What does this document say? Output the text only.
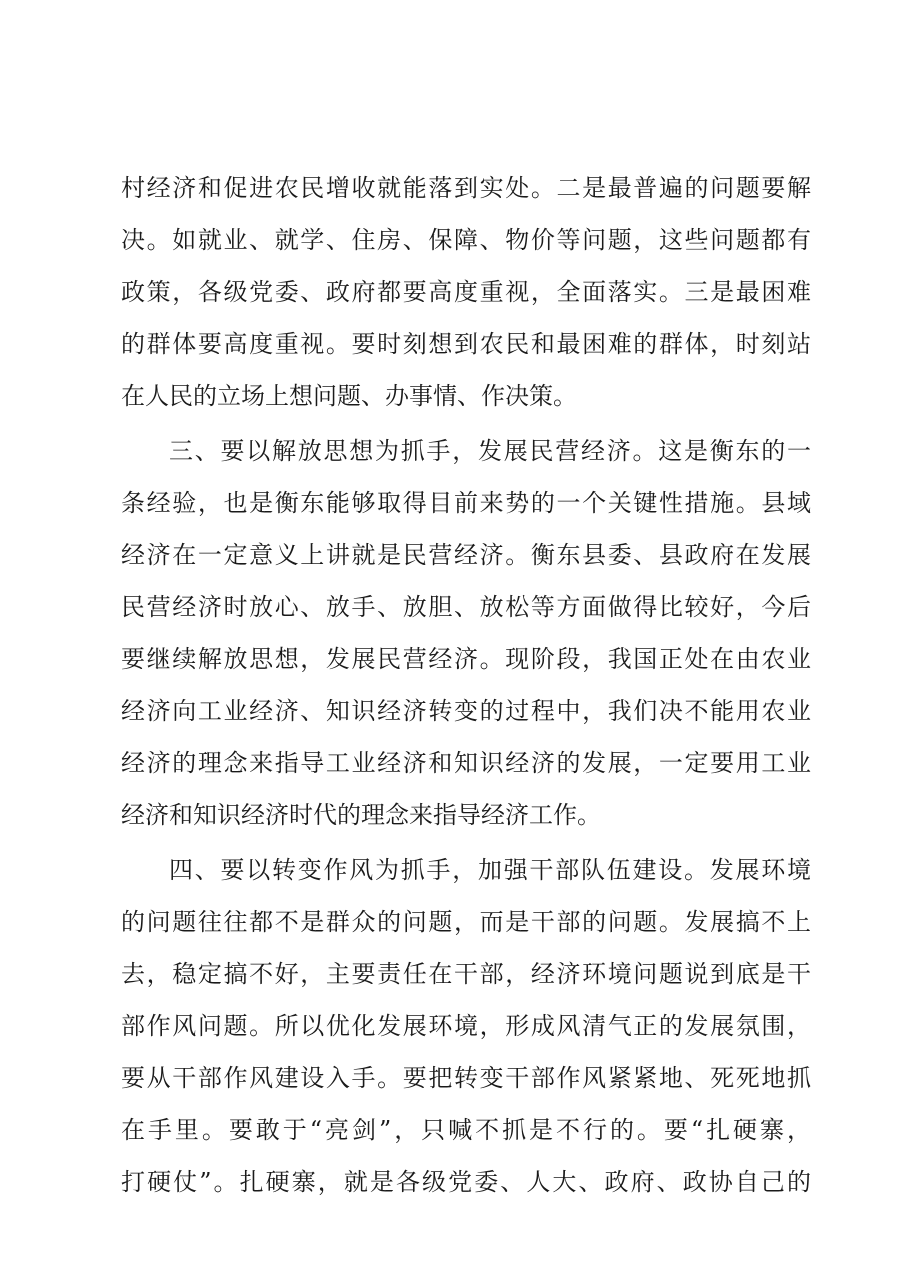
村经济和促进农民增收就能落到实处。二是最普遍的问题要解
决。如就业、就学、住房、保障、物价等问题，这些问题都有
政策，各级党委、政府都要高度重视，全面落实。三是最困难
的群体要高度重视。要时刻想到农民和最困难的群体，时刻站
在人民的立场上想问题、办事情、作决策。
三、要以解放思想为抓手，发展民营经济。这是衡东的一
条经验，也是衡东能够取得目前来势的一个关键性措施。县域
经济在一定意义上讲就是民营经济。衡东县委、县政府在发展
民营经济时放心、放手、放胆、放松等方面做得比较好，今后
要继续解放思想，发展民营经济。现阶段，我国正处在由农业
经济向工业经济、知识经济转变的过程中，我们决不能用农业
经济的理念来指导工业经济和知识经济的发展，一定要用工业
经济和知识经济时代的理念来指导经济工作。
四、要以转变作风为抓手，加强干部队伍建设。发展环境
的问题往往都不是群众的问题，而是干部的问题。发展搞不上
去，稳定搞不好，主要责任在干部，经济环境问题说到底是干
部作风问题。所以优化发展环境，形成风清气正的发展氛围，
要从干部作风建设入手。要把转变干部作风紧紧地、死死地抓
在手里。要敢于“亮剑”，只喊不抓是不行的。要“扎硬寨，
打硬仗”。扎硬寨，就是各级党委、人大、政府、政协自己的
